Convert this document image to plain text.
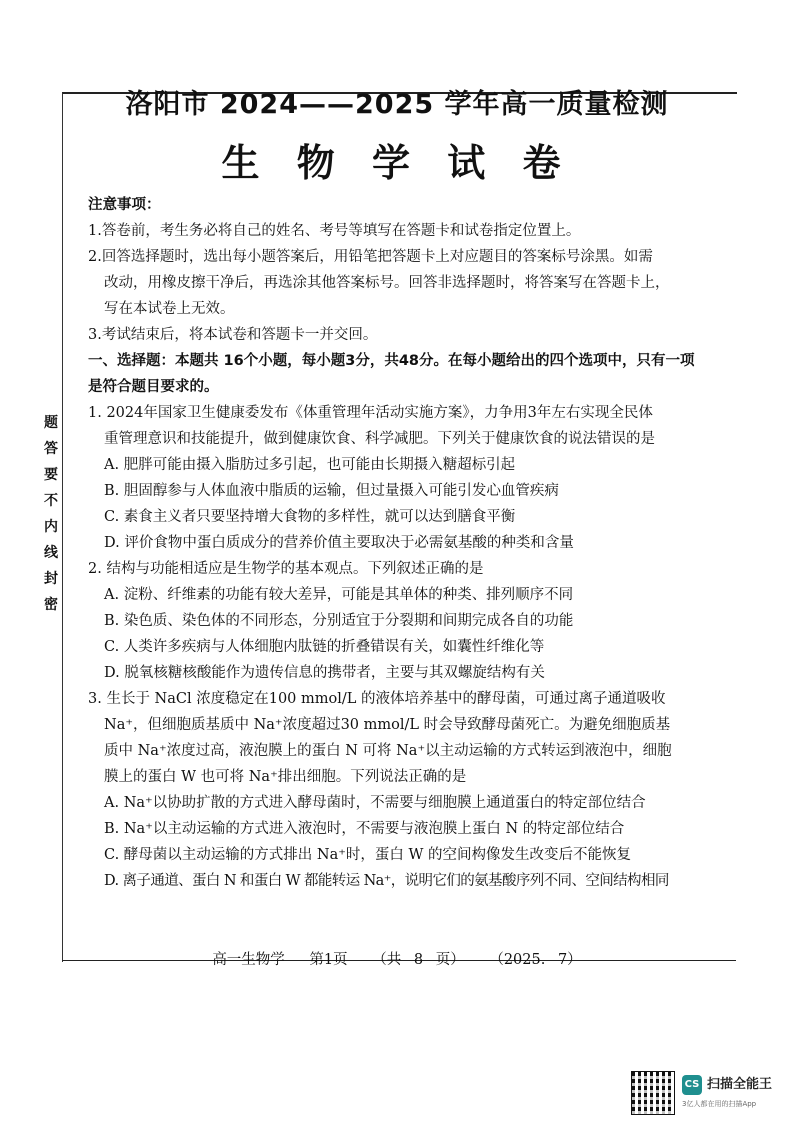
洛阳市 2024——2025 学年高一质量检测
生 物 学 试 卷
题
答
要
不
内
线
封
密

注意事项：

1.答卷前，考生务必将自己的姓名、考号等填写在答题卡和试卷指定位置上。

2.回答选择题时，选出每小题答案后，用铅笔把答题卡上对应题目的答案标号涂黑。如需

改动，用橡皮擦干净后，再选涂其他答案标号。回答非选择题时，将答案写在答题卡上，

写在本试卷上无效。

3.考试结束后，将本试卷和答题卡一并交回。

一、选择题：本题共 16个小题，每小题3分，共48分。在每小题给出的四个选项中，只有一项

是符合题目要求的。

1. 2024年国家卫生健康委发布《体重管理年活动实施方案》，力争用3年左右实现全民体

重管理意识和技能提升，做到健康饮食、科学减肥。下列关于健康饮食的说法错误的是

A. 肥胖可能由摄入脂肪过多引起，也可能由长期摄入糖超标引起

B. 胆固醇参与人体血液中脂质的运输，但过量摄入可能引发心血管疾病

C. 素食主义者只要坚持增大食物的多样性，就可以达到膳食平衡

D. 评价食物中蛋白质成分的营养价值主要取决于必需氨基酸的种类和含量

2. 结构与功能相适应是生物学的基本观点。下列叙述正确的是

A. 淀粉、纤维素的功能有较大差异，可能是其单体的种类、排列顺序不同

B. 染色质、染色体的不同形态，分别适宜于分裂期和间期完成各自的功能

C. 人类许多疾病与人体细胞内肽链的折叠错误有关，如囊性纤维化等

D. 脱氧核糖核酸能作为遗传信息的携带者，主要与其双螺旋结构有关

3. 生长于 NaCl 浓度稳定在100 mmol/L 的液体培养基中的酵母菌，可通过离子通道吸收

Na⁺，但细胞质基质中 Na⁺浓度超过30 mmol/L 时会导致酵母菌死亡。为避免细胞质基

质中 Na⁺浓度过高，液泡膜上的蛋白 N 可将 Na⁺以主动运输的方式转运到液泡中，细胞

膜上的蛋白 W 也可将 Na⁺排出细胞。下列说法正确的是

A. Na⁺以协助扩散的方式进入酵母菌时，不需要与细胞膜上通道蛋白的特定部位结合

B. Na⁺以主动运输的方式进入液泡时，不需要与液泡膜上蛋白 N 的特定部位结合

C. 酵母菌以主动运输的方式排出 Na⁺时，蛋白 W 的空间构像发生改变后不能恢复

D. 离子通道、蛋白 N 和蛋白 W 都能转运 Na⁺，说明它们的氨基酸序列不同、空间结构相同

高一生物学 第1页 （共 8 页） （2025. 7）
CS 扫描全能王
3亿人都在用的扫描App
